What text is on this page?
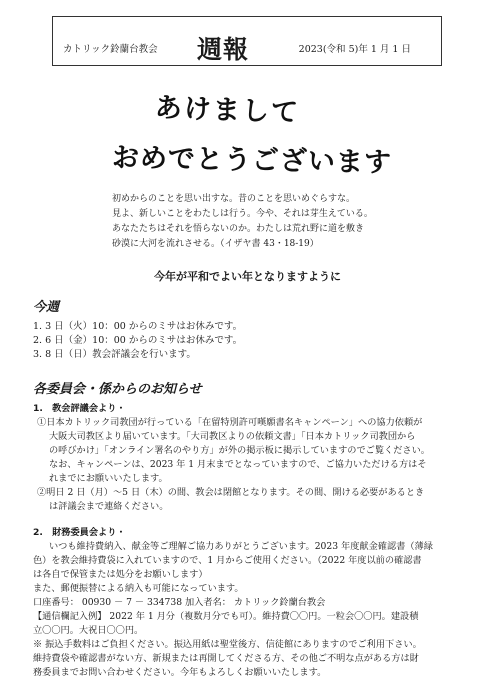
カトリック鈴蘭台教会 週報	2023(令和 5)年 1 月 1 日
あけまして
おめでとうございます
初めからのことを思い出すな。昔のことを思いめぐらすな。
見よ、新しいことをわたしは行う。今や、それは芽生えている。
あなたたちはそれを悟らないのか。わたしは荒れ野に道を敷き
砂漠に大河を流れさせる。（イザヤ書 43・18-19）
今年が平和でよい年となりますように
今週
1. 3 日（火）10：00 からのミサはお休みです。
2. 6 日（金）10：00 からのミサはお休みです。
3. 8 日（日）教会評議会を行います。
各委員会・係からのお知らせ
1.　教会評議会より・
①日本カトリック司教団が行っている「在留特別許可嘆願書名キャンペーン」への協力依頼が
大阪大司教区より届いています。「大司教区よりの依頼文書」「日本カトリック司教団から
の呼びかけ」「オンライン署名のやり方」が外の掲示板に掲示していますのでご覧ください。
なお、キャンペーンは、2023 年 1 月末までとなっていますので、ご協力いただける方はそ
れまでにお願いいたします。
②明日 2 日（月）～5 日（木）の間、教会は閉館となります。その間、開ける必要があるとき
は評議会まで連絡ください。
2.　財務委員会より・
いつも維持費納入、献金等ご理解ご協力ありがとうございます。2023 年度献金確認書（薄緑
色）を教会維持費袋に入れていますので、1 月からご使用ください。（2022 年度以前の確認書
は各自で保管または処分をお願いします）
また、郵便振替による納入も可能になっています。
口座番号： 00930 － 7 － 334738 加入者名： カトリック鈴蘭台教会
【通信欄記入例】 2022 年 1 月分（複数月分でも可）。維持費〇〇円。一粒会〇〇円。建設積
立〇〇円。大祝日〇〇円。
※ 振込手数料はご負担ください。振込用紙は聖堂後方、信徒館にありますのでご利用下さい。
維持費袋や確認書がない方、新規または再開してくださる方、その他ご不明な点がある方は財
務委員までお問い合わせください。今年もよろしくお願いいたします。
